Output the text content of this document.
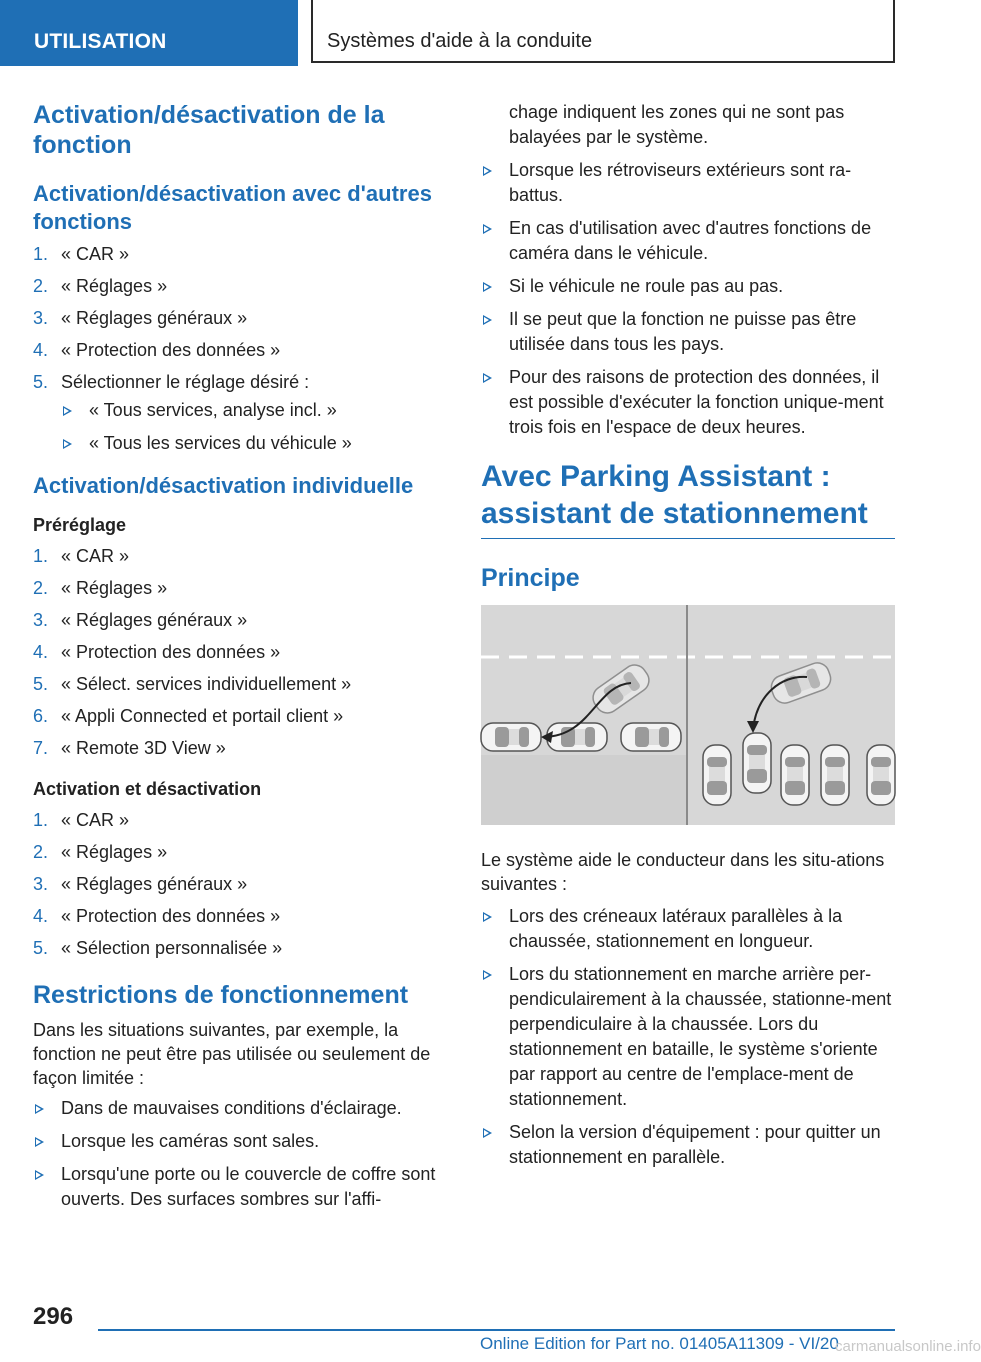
UTILISATION	Systèmes d'aide à la conduite
Activation/désactivation de la fonction
Activation/désactivation avec d'autres fonctions
1. « CAR »
2. « Réglages »
3. « Réglages généraux »
4. « Protection des données »
5. Sélectionner le réglage désiré :
« Tous services, analyse incl. »
« Tous les services du véhicule »
Activation/désactivation individuelle
Préréglage
1. « CAR »
2. « Réglages »
3. « Réglages généraux »
4. « Protection des données »
5. « Sélect. services individuellement »
6. « Appli Connected et portail client »
7. « Remote 3D View »
Activation et désactivation
1. « CAR »
2. « Réglages »
3. « Réglages généraux »
4. « Protection des données »
5. « Sélection personnalisée »
Restrictions de fonctionnement
Dans les situations suivantes, par exemple, la fonction ne peut être pas utilisée ou seulement de façon limitée :
Dans de mauvaises conditions d'éclairage.
Lorsque les caméras sont sales.
Lorsqu'une porte ou le couvercle de coffre sont ouverts. Des surfaces sombres sur l'affi-
chage indiquent les zones qui ne sont pas balayées par le système.
Lorsque les rétroviseurs extérieurs sont ra-battus.
En cas d'utilisation avec d'autres fonctions de caméra dans le véhicule.
Si le véhicule ne roule pas au pas.
Il se peut que la fonction ne puisse pas être utilisée dans tous les pays.
Pour des raisons de protection des données, il est possible d'exécuter la fonction unique-ment trois fois en l'espace de deux heures.
Avec Parking Assistant : assistant de stationnement
Principe
Le système aide le conducteur dans les situ-ations suivantes :
Lors des créneaux latéraux parallèles à la chaussée, stationnement en longueur.
Lors du stationnement en marche arrière per-pendiculairement à la chaussée, stationne-ment perpendiculaire à la chaussée. Lors du stationnement en bataille, le système s'oriente par rapport au centre de l'emplace-ment de stationnement.
Selon la version d'équipement : pour quitter un stationnement en parallèle.
296
Online Edition for Part no. 01405A11309 - VI/20
carmanualsonline.info
